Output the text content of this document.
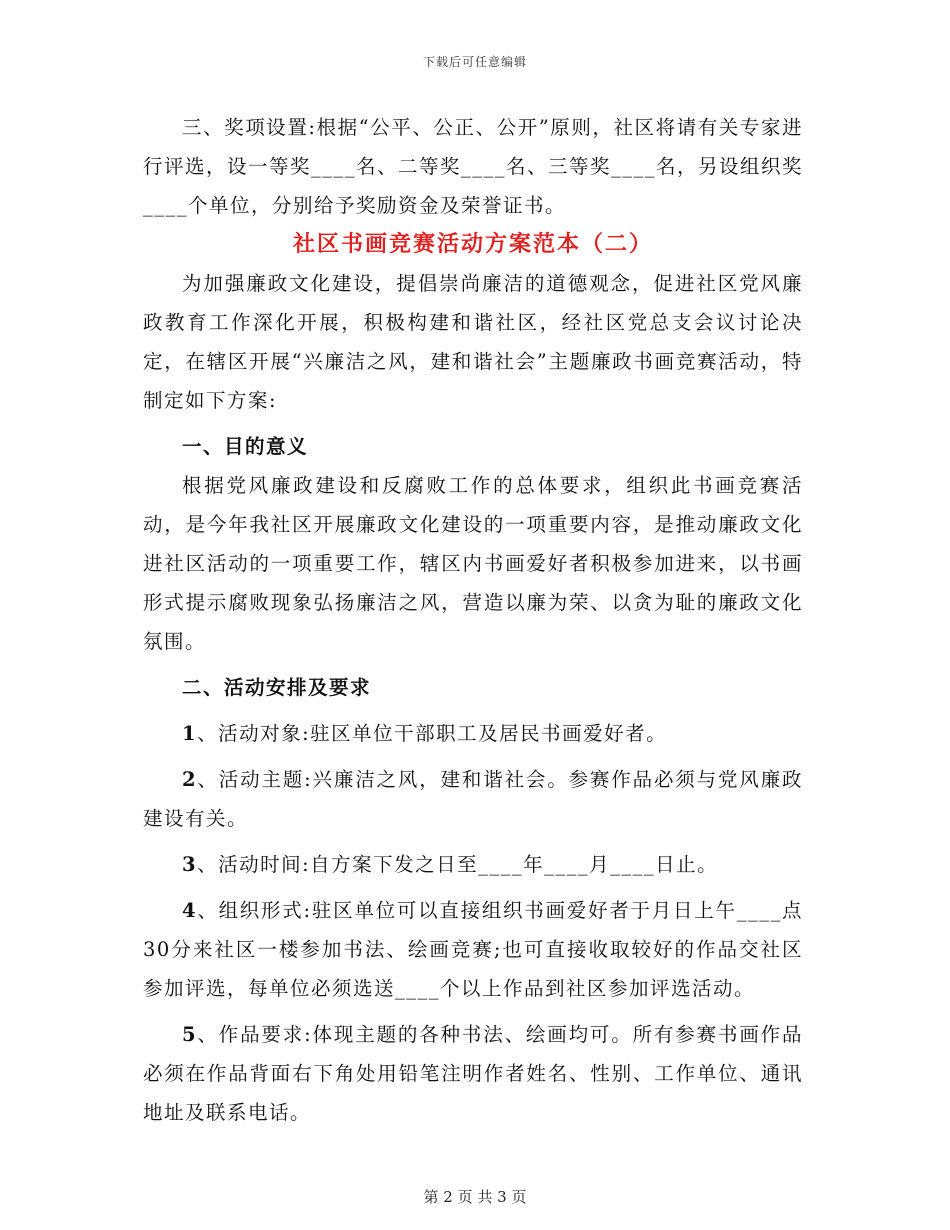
下载后可任意编辑

三、奖项设置:根据“公平、公正、公开”原则，社区将请有关专家进行评选，设一等奖____名、二等奖____名、三等奖____名，另设组织奖____个单位，分别给予奖励资金及荣誉证书。

社区书画竞赛活动方案范本（二）

为加强廉政文化建设，提倡崇尚廉洁的道德观念，促进社区党风廉政教育工作深化开展，积极构建和谐社区，经社区党总支会议讨论决定，在辖区开展“兴廉洁之风，建和谐社会”主题廉政书画竞赛活动，特制定如下方案:

一、目的意义

根据党风廉政建设和反腐败工作的总体要求，组织此书画竞赛活动，是今年我社区开展廉政文化建设的一项重要内容，是推动廉政文化进社区活动的一项重要工作，辖区内书画爱好者积极参加进来，以书画形式提示腐败现象弘扬廉洁之风，营造以廉为荣、以贪为耻的廉政文化氛围。

二、活动安排及要求

1、活动对象:驻区单位干部职工及居民书画爱好者。

2、活动主题:兴廉洁之风，建和谐社会。参赛作品必须与党风廉政建设有关。

3、活动时间:自方案下发之日至____年____月____日止。

4、组织形式:驻区单位可以直接组织书画爱好者于月日上午____点30分来社区一楼参加书法、绘画竞赛;也可直接收取较好的作品交社区参加评选，每单位必须选送____个以上作品到社区参加评选活动。

5、作品要求:体现主题的各种书法、绘画均可。所有参赛书画作品必须在作品背面右下角处用铅笔注明作者姓名、性别、工作单位、通讯地址及联系电话。

第 2 页 共 3 页
